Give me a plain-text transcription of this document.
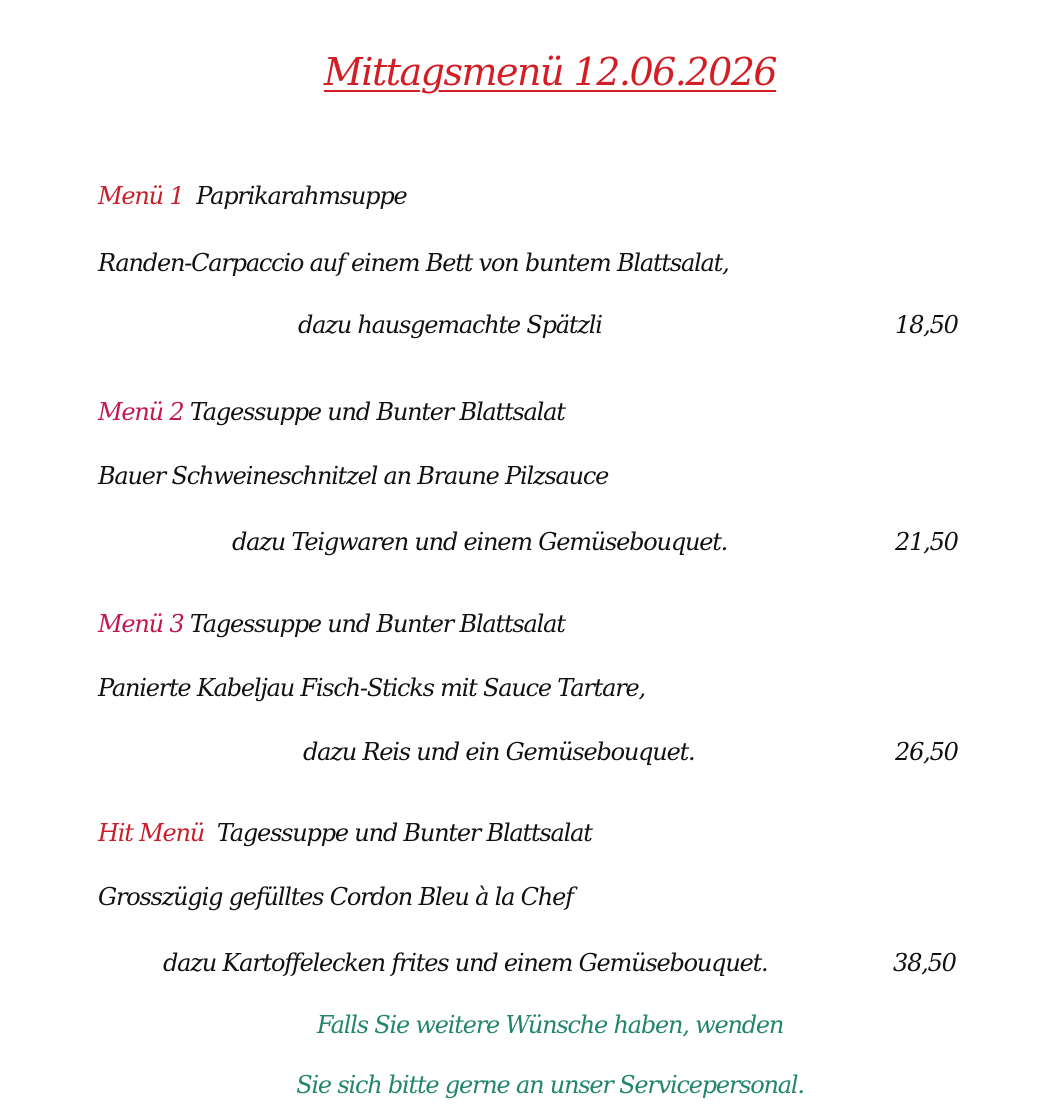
Mittagsmenü 12.06.2026
Menü 1 Paprikarahmsuppe
Randen-Carpaccio auf einem Bett von buntem Blattsalat,
dazu hausgemachte Spätzli	18,50
Menü 2 Tagessuppe und Bunter Blattsalat
Bauer Schweineschnitzel an Braune Pilzsauce
dazu Teigwaren und einem Gemüsebouquet.	21,50
Menü 3 Tagessuppe und Bunter Blattsalat
Panierte Kabeljau Fisch-Sticks mit Sauce Tartare,
dazu Reis und ein Gemüsebouquet.	26,50
Hit Menü Tagessuppe und Bunter Blattsalat
Grosszügig gefülltes Cordon Bleu à la Chef
dazu Kartoffelecken frites und einem Gemüsebouquet.	38,50
Falls Sie weitere Wünsche haben, wenden
Sie sich bitte gerne an unser Servicepersonal.
